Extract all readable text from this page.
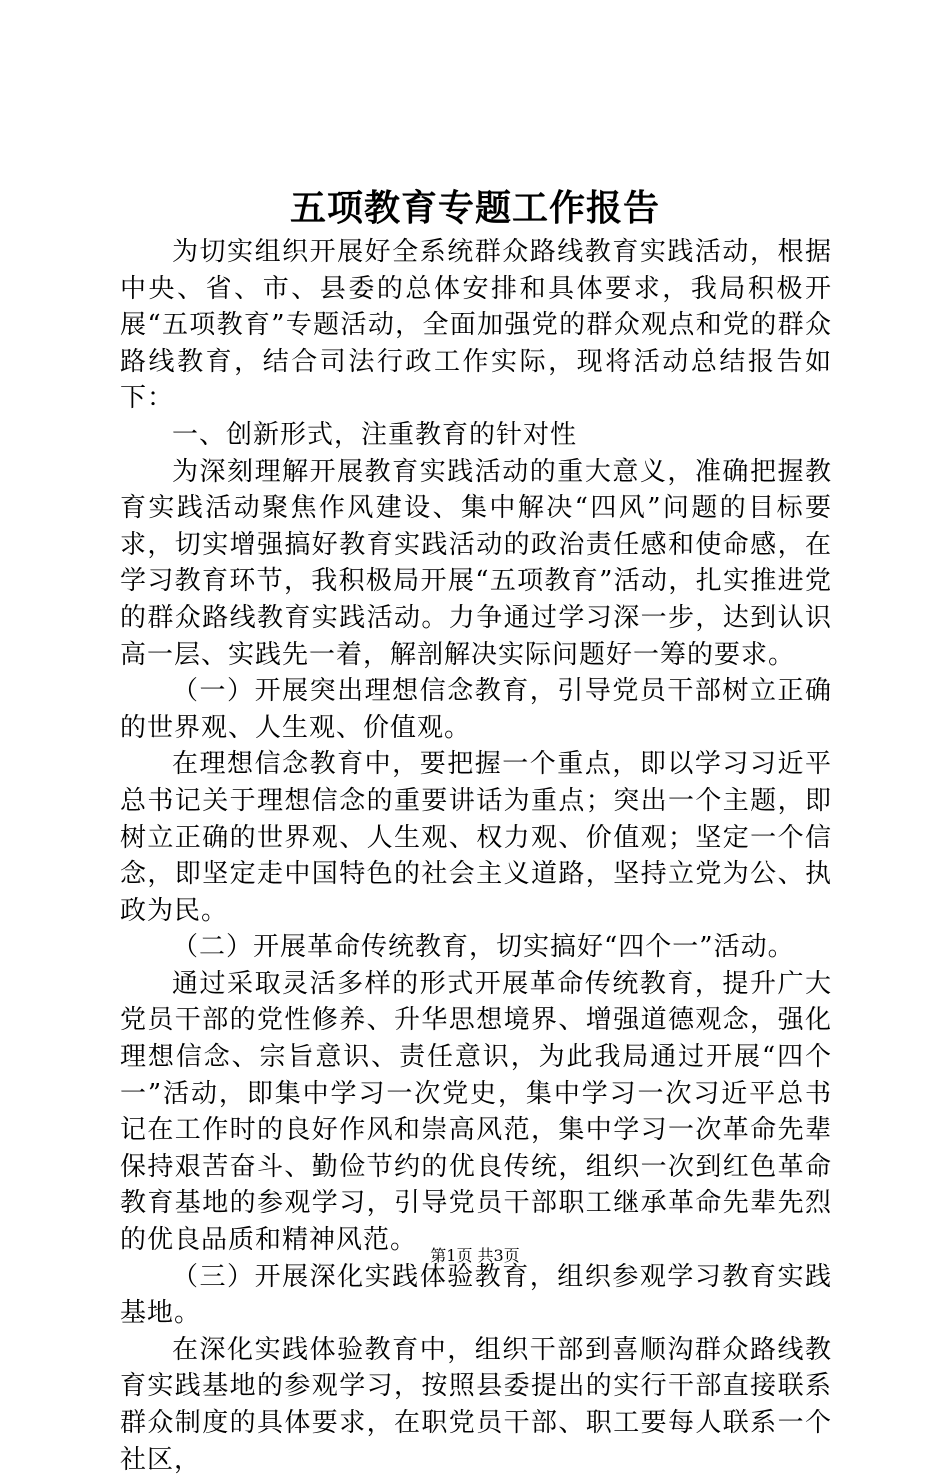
五项教育专题工作报告

为切实组织开展好全系统群众路线教育实践活动，根据中央、省、市、县委的总体安排和具体要求，我局积极开展“五项教育”专题活动，全面加强党的群众观点和党的群众路线教育，结合司法行政工作实际，现将活动总结报告如下：

一、创新形式，注重教育的针对性

为深刻理解开展教育实践活动的重大意义，准确把握教育实践活动聚焦作风建设、集中解决“四风”问题的目标要求，切实增强搞好教育实践活动的政治责任感和使命感，在学习教育环节，我积极局开展“五项教育”活动，扎实推进党的群众路线教育实践活动。力争通过学习深一步，达到认识高一层、实践先一着，解剖解决实际问题好一筹的要求。

（一）开展突出理想信念教育，引导党员干部树立正确的世界观、人生观、价值观。

在理想信念教育中，要把握一个重点，即以学习习近平总书记关于理想信念的重要讲话为重点；突出一个主题，即树立正确的世界观、人生观、权力观、价值观；坚定一个信念，即坚定走中国特色的社会主义道路，坚持立党为公、执政为民。

（二）开展革命传统教育，切实搞好“四个一”活动。

通过采取灵活多样的形式开展革命传统教育，提升广大党员干部的党性修养、升华思想境界、增强道德观念，强化理想信念、宗旨意识、责任意识，为此我局通过开展“四个一”活动，即集中学习一次党史，集中学习一次习近平总书记在工作时的良好作风和崇高风范，集中学习一次革命先辈保持艰苦奋斗、勤俭节约的优良传统，组织一次到红色革命教育基地的参观学习，引导党员干部职工继承革命先辈先烈的优良品质和精神风范。

（三）开展深化实践体验教育，组织参观学习教育实践基地。

在深化实践体验教育中，组织干部到喜顺沟群众路线教育实践基地的参观学习，按照县委提出的实行干部直接联系群众制度的具体要求，在职党员干部、职工要每人联系一个社区，

第1页 共3页
